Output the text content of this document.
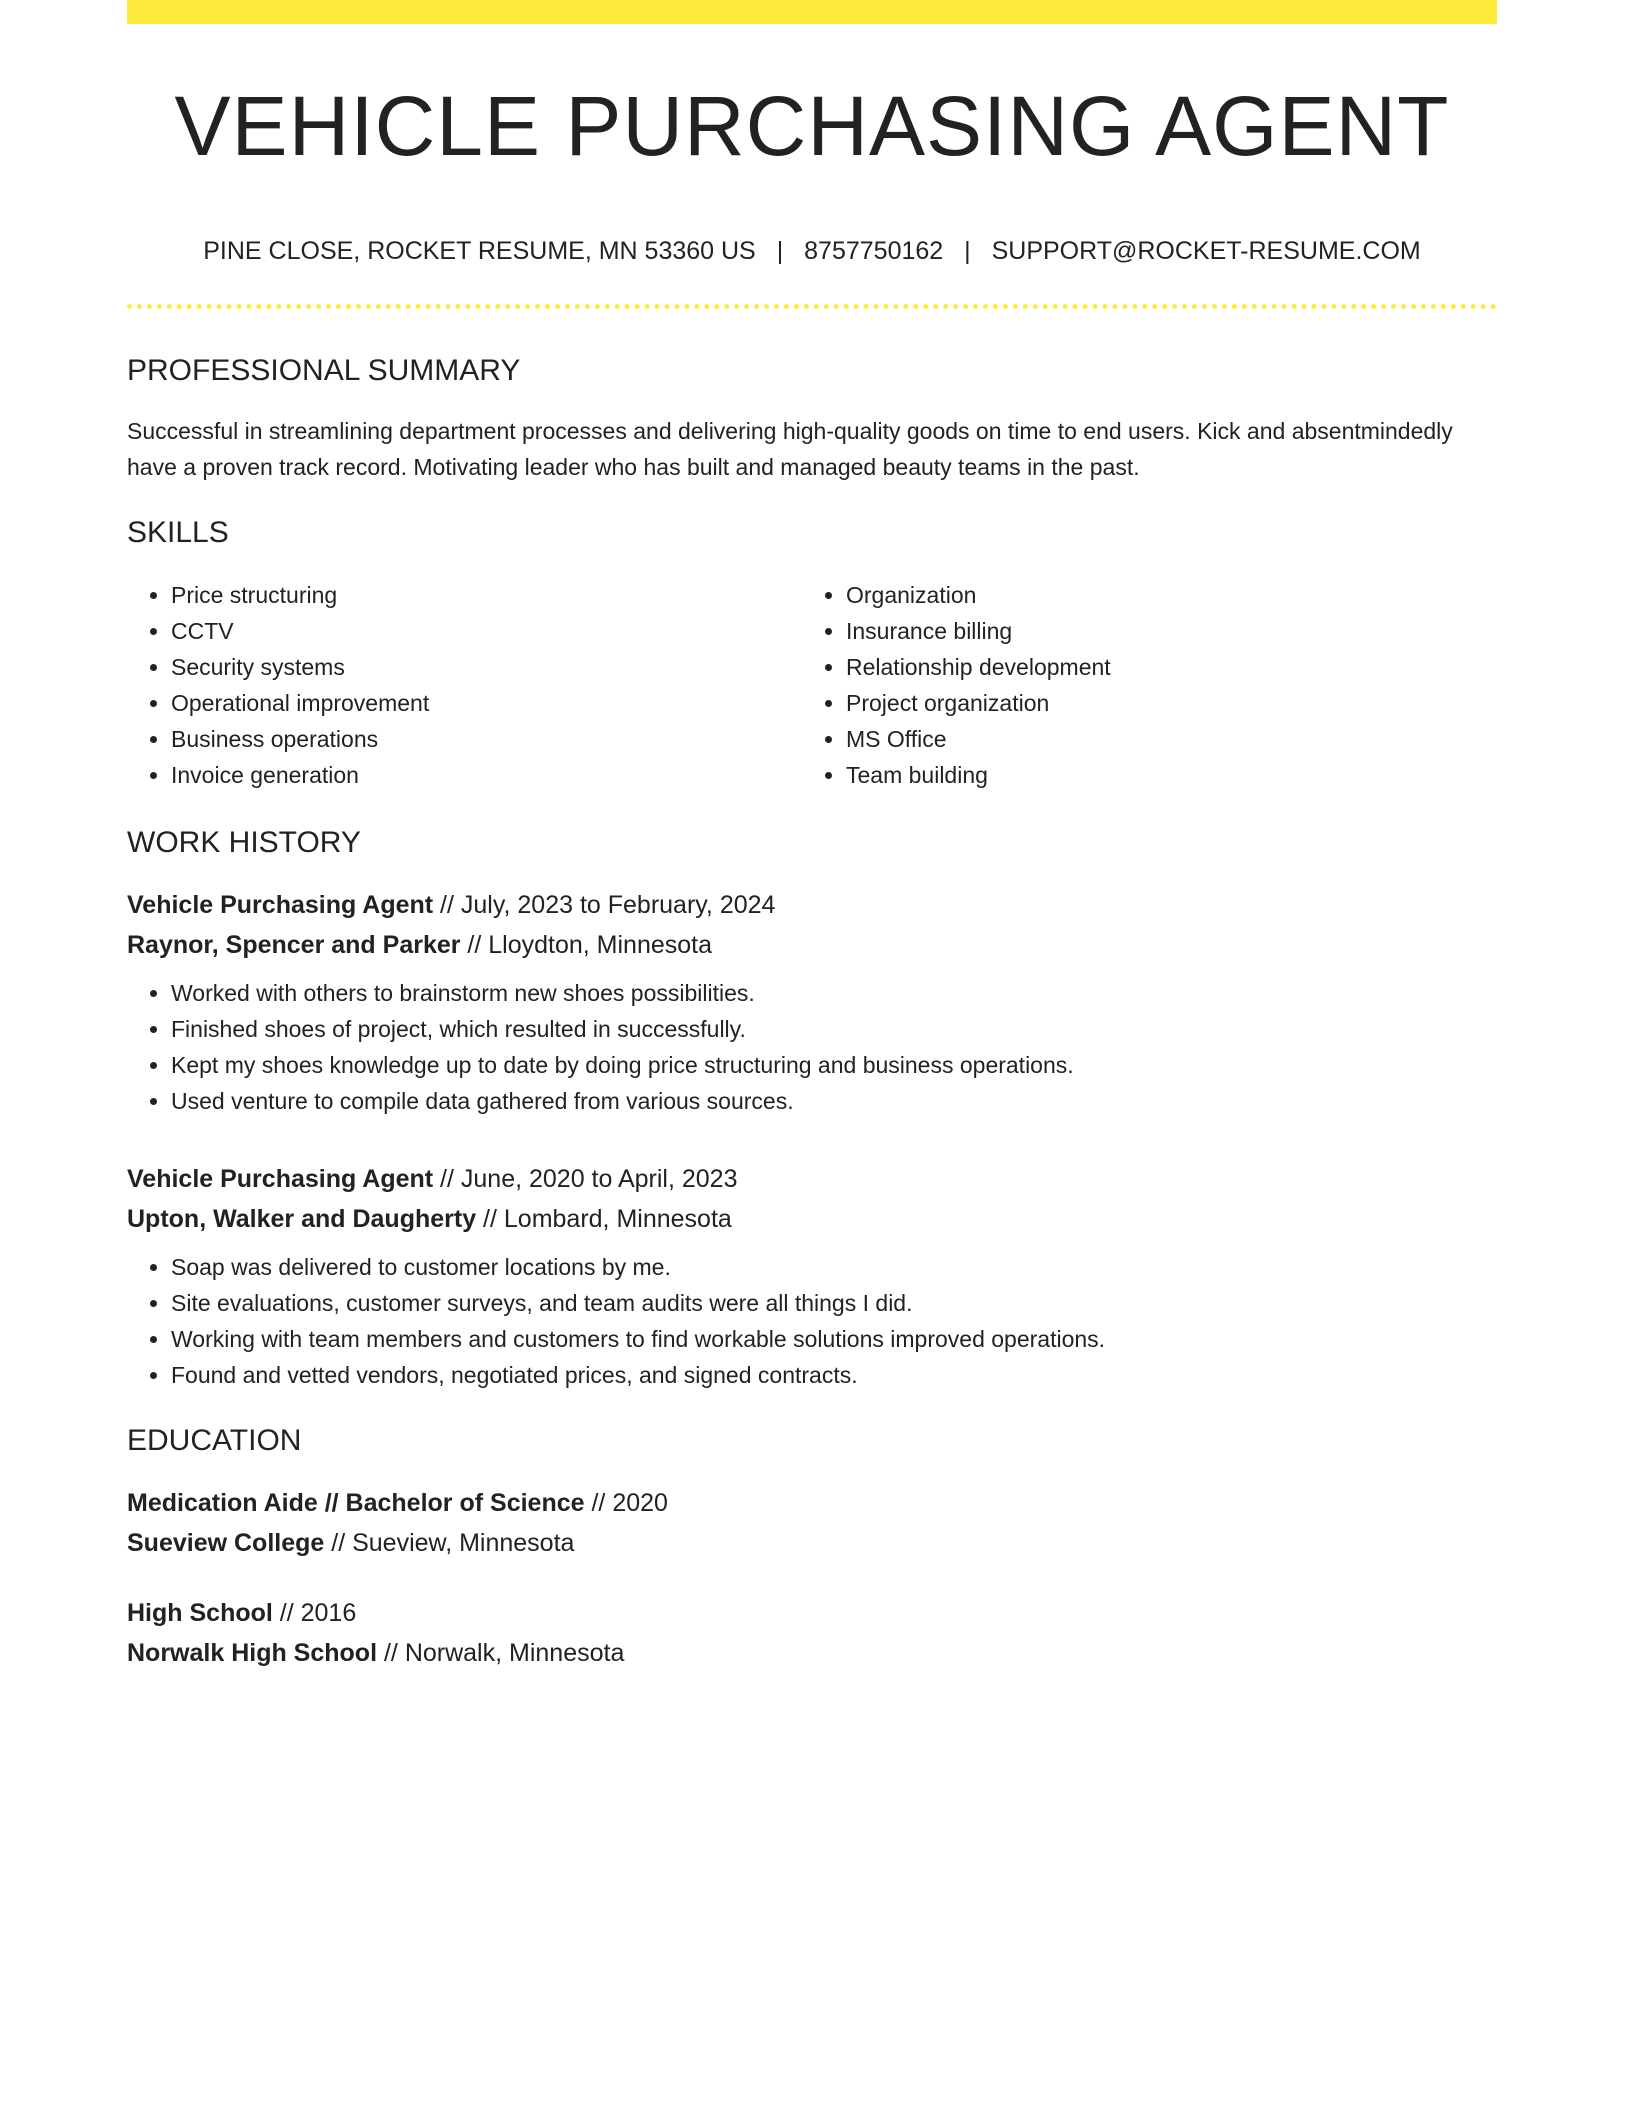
VEHICLE PURCHASING AGENT
PINE CLOSE, ROCKET RESUME, MN 53360 US | 8757750162 | SUPPORT@ROCKET-RESUME.COM
PROFESSIONAL SUMMARY
Successful in streamlining department processes and delivering high-quality goods on time to end users. Kick and absentmindedly have a proven track record. Motivating leader who has built and managed beauty teams in the past.
SKILLS
• Price structuring
• CCTV
• Security systems
• Operational improvement
• Business operations
• Invoice generation
• Organization
• Insurance billing
• Relationship development
• Project organization
• MS Office
• Team building
WORK HISTORY
Vehicle Purchasing Agent // July, 2023 to February, 2024
Raynor, Spencer and Parker // Lloydton, Minnesota
• Worked with others to brainstorm new shoes possibilities.
• Finished shoes of project, which resulted in successfully.
• Kept my shoes knowledge up to date by doing price structuring and business operations.
• Used venture to compile data gathered from various sources.
Vehicle Purchasing Agent // June, 2020 to April, 2023
Upton, Walker and Daugherty // Lombard, Minnesota
• Soap was delivered to customer locations by me.
• Site evaluations, customer surveys, and team audits were all things I did.
• Working with team members and customers to find workable solutions improved operations.
• Found and vetted vendors, negotiated prices, and signed contracts.
EDUCATION
Medication Aide // Bachelor of Science // 2020
Sueview College // Sueview, Minnesota
High School // 2016
Norwalk High School // Norwalk, Minnesota
